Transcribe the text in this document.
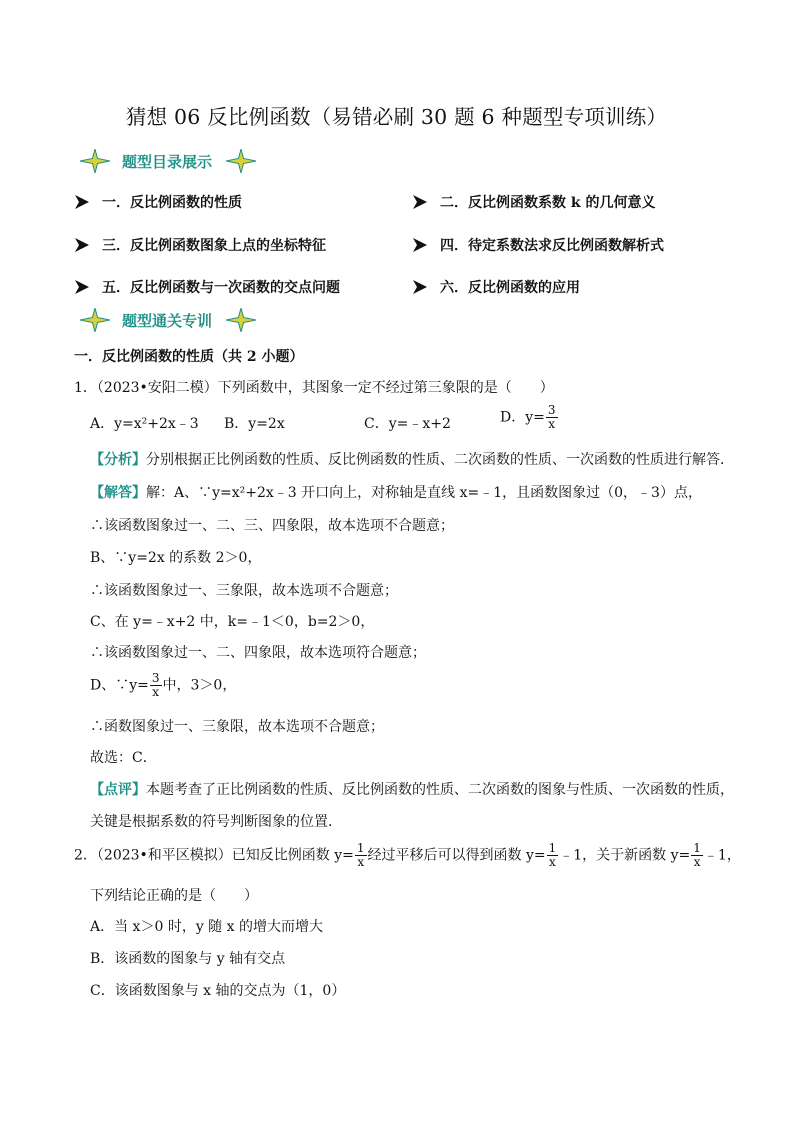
猜想 06 反比例函数（易错必刷 30 题 6 种题型专项训练）
题型目录展示
一．反比例函数的性质	二．反比例函数系数 k 的几何意义
三．反比例函数图象上点的坐标特征	四．待定系数法求反比例函数解析式
五．反比例函数与一次函数的交点问题	六．反比例函数的应用
题型通关专训
一．反比例函数的性质（共 2 小题）
1．（2023•安阳二模）下列函数中，其图象一定不经过第三象限的是（　　）
A．y=x²+2x﹣3 B．y=2x	C．y=﹣x+2	D．$y= \frac{3}{x}$
【分析】分别根据正比例函数的性质、反比例函数的性质、二次函数的性质、一次函数的性质进行解答．
【解答】解：A、∵y=x²+2x﹣3 开口向上，对称轴是直线 x=﹣1，且函数图象过（0，﹣3）点，
∴该函数图象过一、二、三、四象限，故本选项不合题意；
B、∵y=2x 的系数 2＞0，
∴该函数图象过一、三象限，故本选项不合题意；
C、在 y=﹣x+2 中，k=﹣1＜0，b=2＞0，
∴该函数图象过一、二、四象限，故本选项符合题意；
D、∵y= $\frac{3}{x}$ 中，3＞0，
∴函数图象过一、三象限，故本选项不合题意；
故选：C．
【点评】本题考查了正比例函数的性质、反比例函数的性质、二次函数的图象与性质、一次函数的性质，
关键是根据系数的符号判断图象的位置．
2．（2023•和平区模拟）已知反比例函数 $y= \frac{1}{x}$ 经过平移后可以得到函数 $y= \frac{1}{x}$ ﹣1，关于新函数 $y= \frac{1}{x}$ ﹣1，
下列结论正确的是（　　）
A．当 x＞0 时，y 随 x 的增大而增大
B．该函数的图象与 y 轴有交点
C．该函数图象与 x 轴的交点为（1，0）
